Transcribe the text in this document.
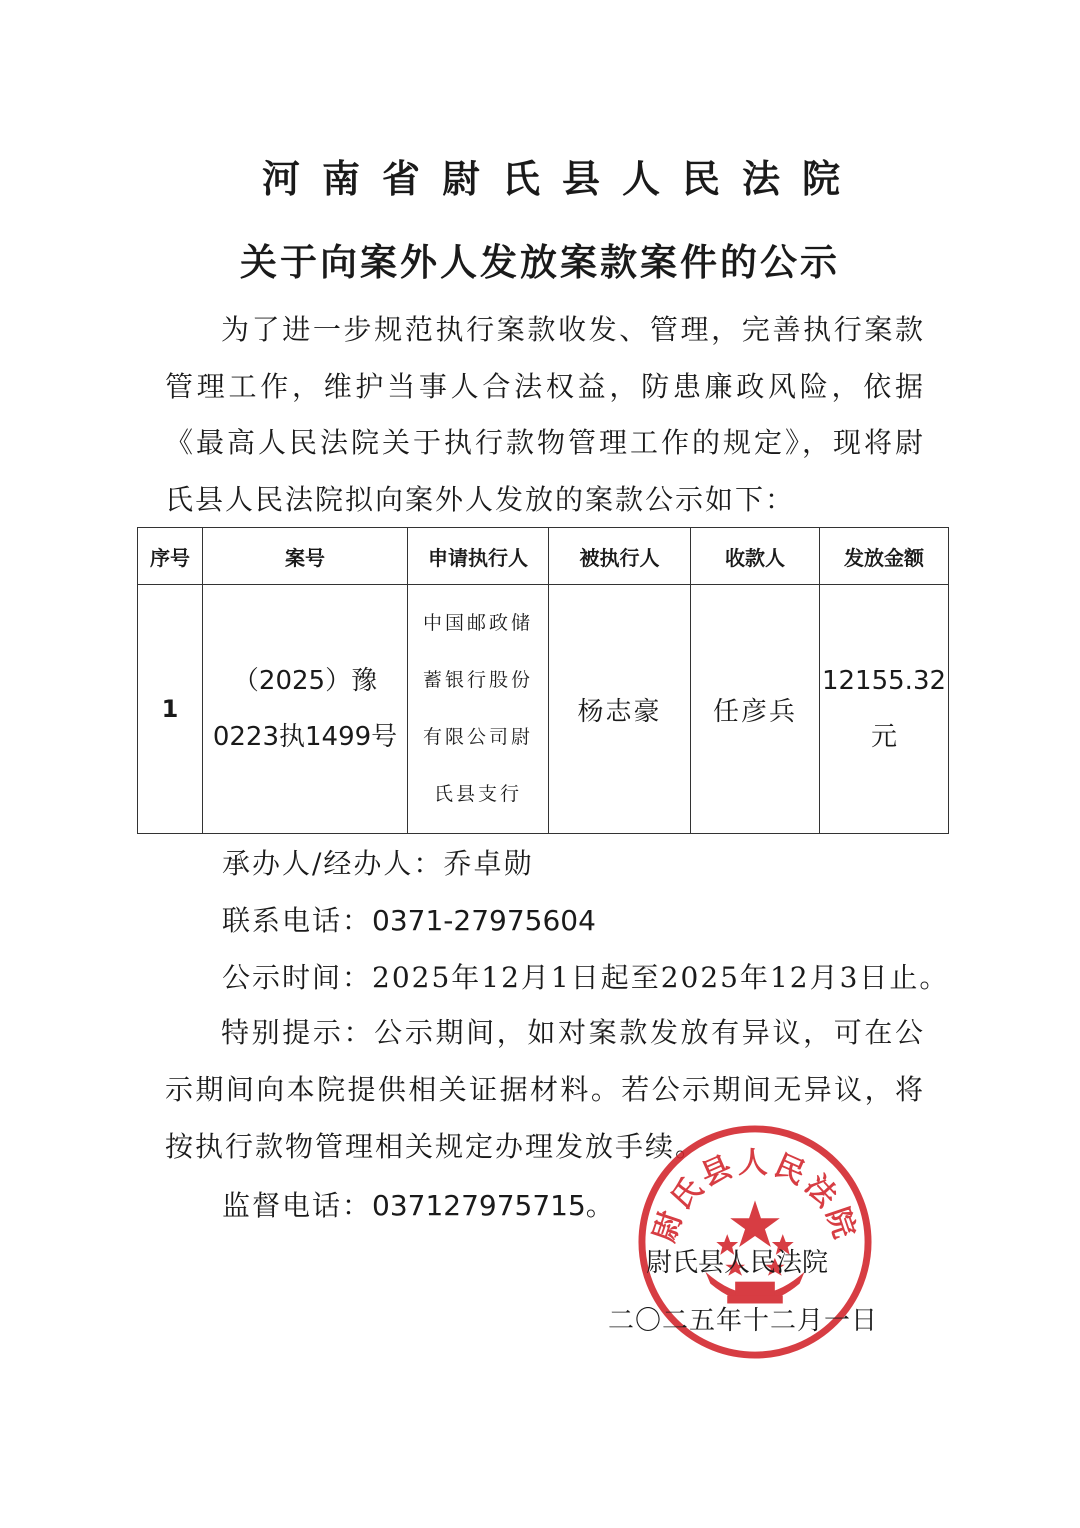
河南省尉氏县人民法院
关于向案外人发放案款案件的公示

为了进一步规范执行案款收发、管理，完善执行案款管理工作，维护当事人合法权益，防患廉政风险，依据《最高人民法院关于执行款物管理工作的规定》，现将尉氏县人民法院拟向案外人发放的案款公示如下：

序号	案号	申请执行人	被执行人	收款人	发放金额
1	（2025）豫0223执1499号	中国邮政储蓄银行股份有限公司尉氏县支行	杨志豪	任彦兵	12155.32元

承办人/经办人：乔卓勋

联系电话：0371-27975604

公示时间：2025年12月1日起至2025年12月3日止。

特别提示：公示期间，如对案款发放有异议，可在公示期间向本院提供相关证据材料。若公示期间无异议，将按执行款物管理相关规定办理发放手续。

监督电话：037127975715。 尉氏县人民法院

尉氏县人民法院

二〇二五年十二月一日
